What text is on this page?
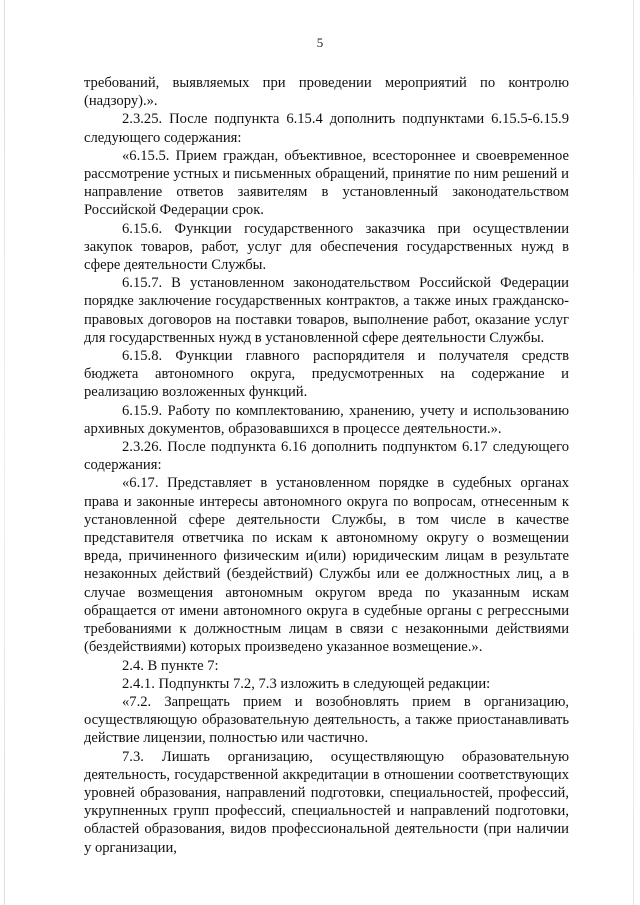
5

требований, выявляемых при проведении мероприятий по контролю (надзору).».

2.3.25. После подпункта 6.15.4 дополнить подпунктами 6.15.5-6.15.9 следующего содержания:

«6.15.5. Прием граждан, объективное, всестороннее и своевременное рассмотрение устных и письменных обращений, принятие по ним решений и направление ответов заявителям в установленный законодательством Российской Федерации срок.

6.15.6. Функции государственного заказчика при осуществлении закупок товаров, работ, услуг для обеспечения государственных нужд в сфере деятельности Службы.

6.15.7. В установленном законодательством Российской Федерации порядке заключение государственных контрактов, а также иных гражданско-правовых договоров на поставки товаров, выполнение работ, оказание услуг для государственных нужд в установленной сфере деятельности Службы.

6.15.8. Функции главного распорядителя и получателя средств бюджета автономного округа, предусмотренных на содержание и реализацию возложенных функций.

6.15.9. Работу по комплектованию, хранению, учету и использованию архивных документов, образовавшихся в процессе деятельности.».

2.3.26. После подпункта 6.16 дополнить подпунктом 6.17 следующего содержания:

«6.17. Представляет в установленном порядке в судебных органах права и законные интересы автономного округа по вопросам, отнесенным к установленной сфере деятельности Службы, в том числе в качестве представителя ответчика по искам к автономному округу о возмещении вреда, причиненного физическим и(или) юридическим лицам в результате незаконных действий (бездействий) Службы или ее должностных лиц, а в случае возмещения автономным округом вреда по указанным искам обращается от имени автономного округа в судебные органы с регрессными требованиями к должностным лицам в связи с незаконными действиями (бездействиями) которых произведено указанное возмещение.».

2.4. В пункте 7:

2.4.1. Подпункты 7.2, 7.3 изложить в следующей редакции:

«7.2. Запрещать прием и возобновлять прием в организацию, осуществляющую образовательную деятельность, а также приостанавливать действие лицензии, полностью или частично.

7.3. Лишать организацию, осуществляющую образовательную деятельность, государственной аккредитации в отношении соответствующих уровней образования, направлений подготовки, специальностей, профессий, укрупненных групп профессий, специальностей и направлений подготовки, областей образования, видов профессиональной деятельности (при наличии у организации,
